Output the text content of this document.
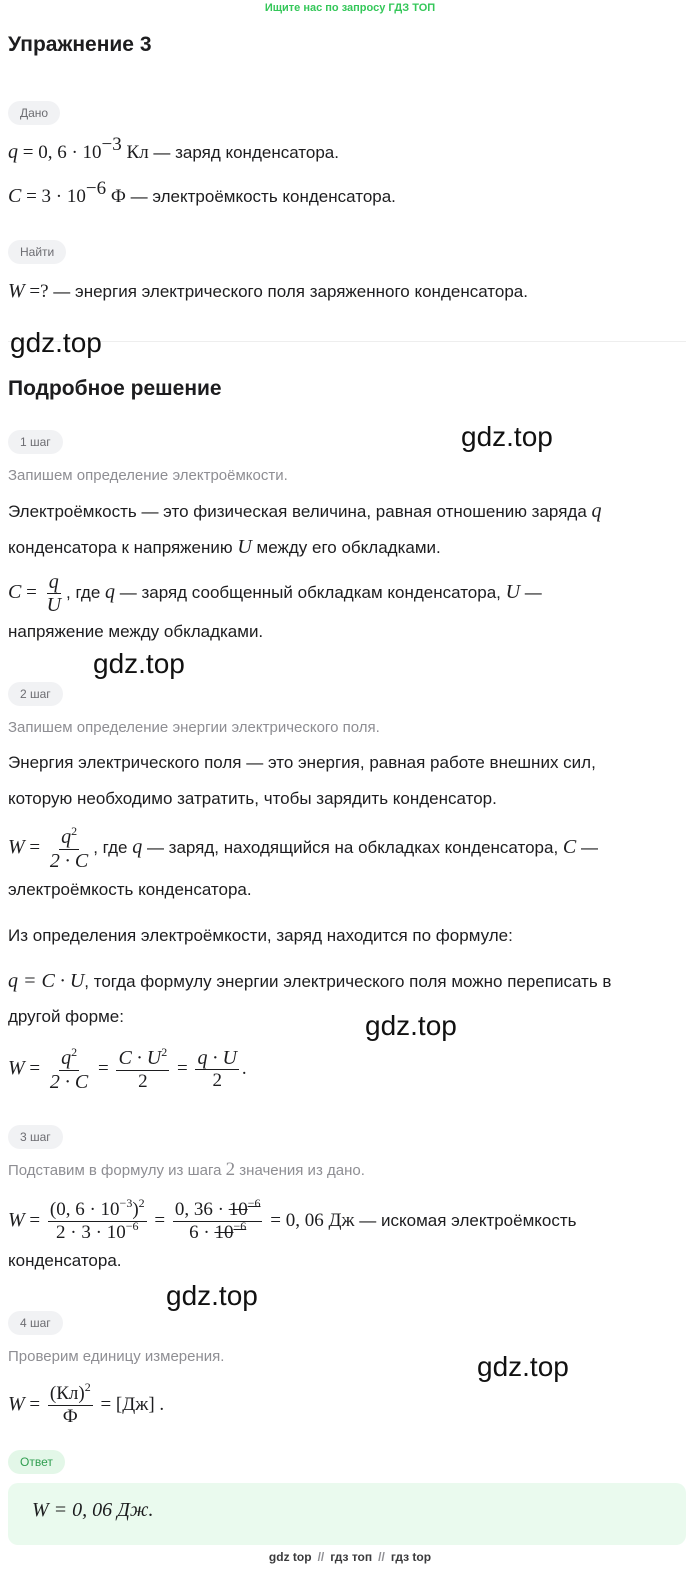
Ищите нас по запросу ГДЗ ТОП
Упражнение 3
Дано
q = 0, $6 \cdot 10^{-3}$ Кл — заряд конденсатора.
$C = 3 \cdot 10^{-6}$ Ф — электроёмкость конденсатора.
Найти
W =? — энергия электрического поля заряженного конденсатора.
gdz.top
Подробное решение
1 шаг	gdz.top
Запишем определение электроёмкости.
Электроёмкость — это физическая величина, равная отношению заряда q
конденсатора к напряжению U между его обкладками.
$C = \frac{q}{U}$ , где q — заряд сообщенный обкладкам конденсатора, U —
напряжение между обкладками.
gdz.top
2 шаг
Запишем определение энергии электрического поля.
Энергия электрического поля — это энергия, равная работе внешних сил,
которую необходимо затратить, чтобы зарядить конденсатор.
$W = \frac{q^2}{2 \cdot C}$ , где q — заряд, находящийся на обкладках конденсатора, C —
электроёмкость конденсатора.
Из определения электроёмкости, заряд находится по формуле:
q = C · U, тогда формулу энергии электрического поля можно переписать в
другой форме:	gdz.top
$W = \frac{q^2}{2 \cdot C} = \frac{C \cdot U^2}{2} = \frac{q \cdot U}{2}$ .
3 шаг
Подставим в формулу из шага 2 значения из дано.
$W = \frac{(0, 6 \cdot 10^{-3})^2}{2 \cdot 3 \cdot 10^{-6}} = \frac{0, 36 \cdot 10^{-6}}{6 \cdot 10^{-6}} = 0$, 06 Дж — искомая электроёмкость
конденсатора.
gdz.top
4 шаг
Проверим единицу измерения.	gdz.top
$W = \frac{(Кл)^2}{Ф} = [Дж]$ .
Ответ
W = 0, 06 Дж.
gdz top // гдз топ // гдз top
